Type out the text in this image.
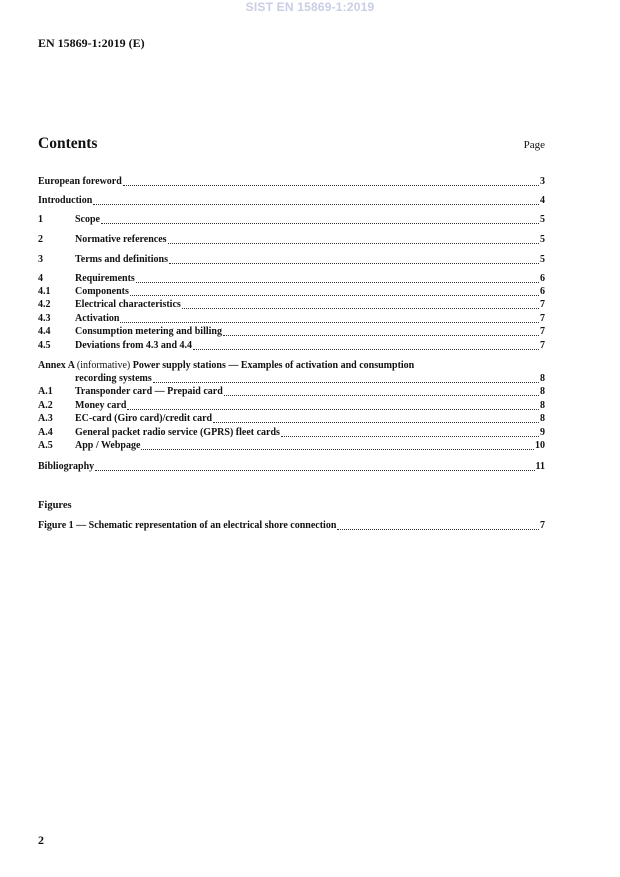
SIST EN 15869-1:2019
EN 15869-1:2019 (E)
Contents	Page
European foreword	3
Introduction	4
1	Scope	5
2	Normative references	5
3	Terms and definitions	5
4	Requirements	6
4.1	Components	6
4.2	Electrical characteristics	7
4.3	Activation	7
4.4	Consumption metering and billing	7
4.5	Deviations from 4.3 and 4.4	7
Annex A (informative) Power supply stations — Examples of activation and consumption
recording systems	8
A.1	Transponder card — Prepaid card	8
A.2	Money card	8
A.3	EC-card (Giro card)/credit card	8
A.4	General packet radio service (GPRS) fleet cards	9
A.5	App / Webpage	10
Bibliography	11
Figure 1 — Schematic representation of an electrical shore connection	7
Figures
2
